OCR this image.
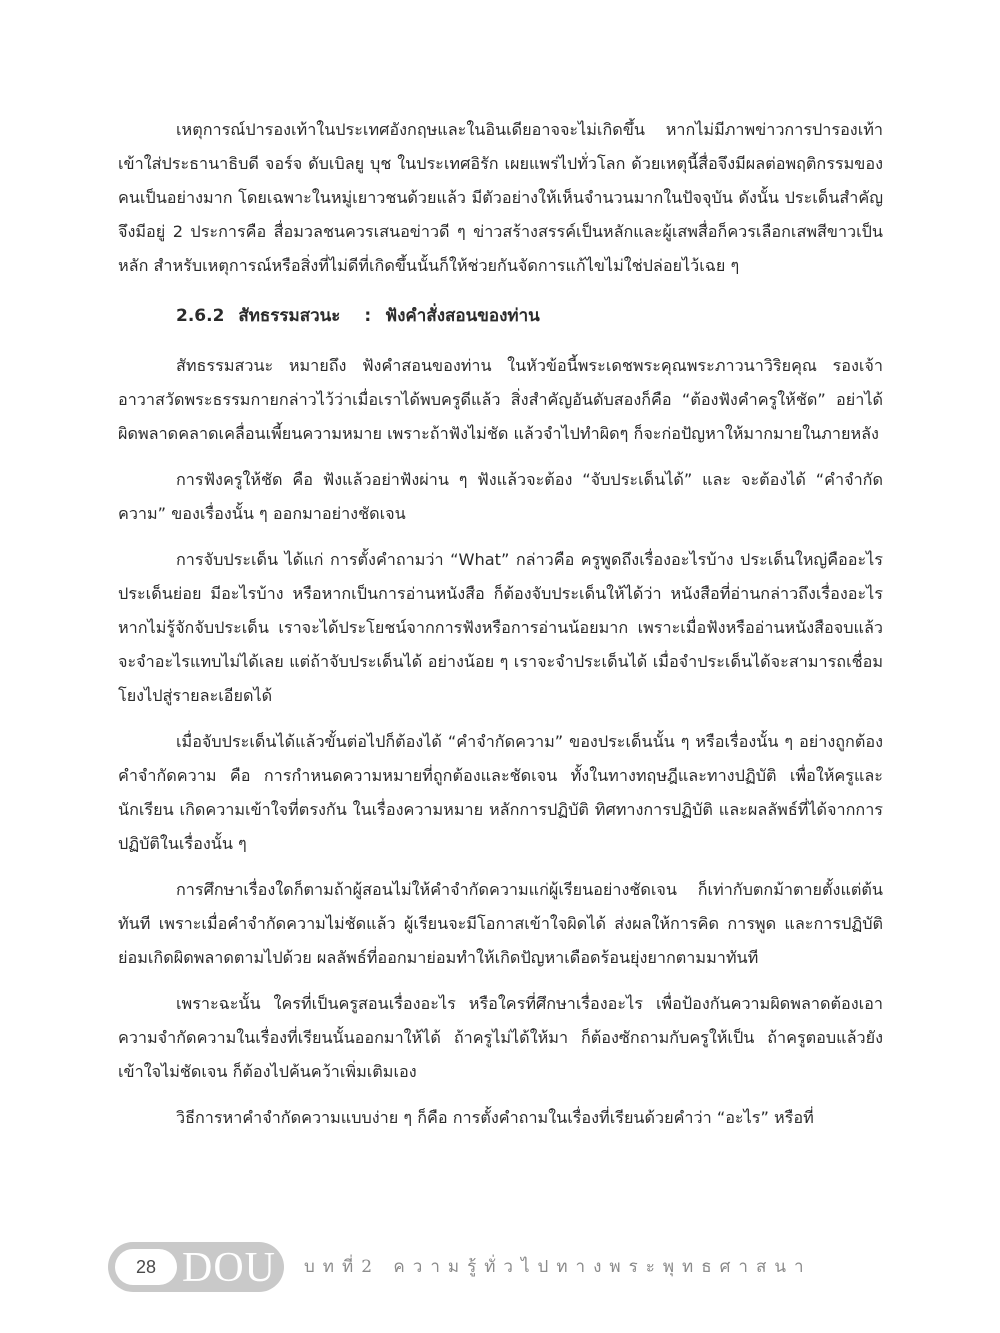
เหตุการณ์ปารองเท้าในประเทศอังกฤษและในอินเดียอาจจะไม่เกิดขึ้น หากไม่มีภาพข่าวการปารองเท้าเข้าใส่ประธานาธิบดี จอร์จ ดับเบิลยู บุช ในประเทศอิรัก เผยแพร่ไปทั่วโลก ด้วยเหตุนี้สื่อจึงมีผลต่อพฤติกรรมของคนเป็นอย่างมาก โดยเฉพาะในหมู่เยาวชนด้วยแล้ว มีตัวอย่างให้เห็นจำนวนมากในปัจจุบัน ดังนั้น ประเด็นสำคัญจึงมีอยู่ 2 ประการคือ สื่อมวลชนควรเสนอข่าวดี ๆ ข่าวสร้างสรรค์เป็นหลักและผู้เสพสื่อก็ควรเลือกเสพสีขาวเป็นหลัก สำหรับเหตุการณ์หรือสิ่งที่ไม่ดีที่เกิดขึ้นนั้นก็ให้ช่วยกันจัดการแก้ไขไม่ใช่ปล่อยไว้เฉย ๆ

2.6.2 สัทธรรมสวนะ : ฟังคำสั่งสอนของท่าน

สัทธรรมสวนะ หมายถึง ฟังคำสอนของท่าน ในหัวข้อนี้พระเดชพระคุณพระภาวนาวิริยคุณ รองเจ้าอาวาสวัดพระธรรมกายกล่าวไว้ว่าเมื่อเราได้พบครูดีแล้ว สิ่งสำคัญอันดับสองก็คือ “ต้องฟังคำครูให้ชัด” อย่าได้ผิดพลาดคลาดเคลื่อนเพี้ยนความหมาย เพราะถ้าฟังไม่ชัด แล้วจำไปทำผิดๆ ก็จะก่อปัญหาให้มากมายในภายหลัง

การฟังครูให้ชัด คือ ฟังแล้วอย่าฟังผ่าน ๆ ฟังแล้วจะต้อง “จับประเด็นได้” และ จะต้องได้ “คำจำกัดความ” ของเรื่องนั้น ๆ ออกมาอย่างชัดเจน

การจับประเด็น ได้แก่ การตั้งคำถามว่า “What” กล่าวคือ ครูพูดถึงเรื่องอะไรบ้าง ประเด็นใหญ่คืออะไร ประเด็นย่อย มีอะไรบ้าง หรือหากเป็นการอ่านหนังสือ ก็ต้องจับประเด็นให้ได้ว่า หนังสือที่อ่านกล่าวถึงเรื่องอะไร หากไม่รู้จักจับประเด็น เราจะได้ประโยชน์จากการฟังหรือการอ่านน้อยมาก เพราะเมื่อฟังหรืออ่านหนังสือจบแล้ว จะจำอะไรแทบไม่ได้เลย แต่ถ้าจับประเด็นได้ อย่างน้อย ๆ เราจะจำประเด็นได้ เมื่อจำประเด็นได้จะสามารถเชื่อมโยงไปสู่รายละเอียดได้

เมื่อจับประเด็นได้แล้วขั้นต่อไปก็ต้องได้ “คำจำกัดความ” ของประเด็นนั้น ๆ หรือเรื่องนั้น ๆ อย่างถูกต้อง คำจำกัดความ คือ การกำหนดความหมายที่ถูกต้องและชัดเจน ทั้งในทางทฤษฎีและทางปฏิบัติ เพื่อให้ครูและนักเรียน เกิดความเข้าใจที่ตรงกัน ในเรื่องความหมาย หลักการปฏิบัติ ทิศทางการปฏิบัติ และผลลัพธ์ที่ได้จากการปฏิบัติในเรื่องนั้น ๆ

การศึกษาเรื่องใดก็ตามถ้าผู้สอนไม่ให้คำจำกัดความแก่ผู้เรียนอย่างชัดเจน ก็เท่ากับตกม้าตายตั้งแต่ต้นทันที เพราะเมื่อคำจำกัดความไม่ชัดแล้ว ผู้เรียนจะมีโอกาสเข้าใจผิดได้ ส่งผลให้การคิด การพูด และการปฏิบัติย่อมเกิดผิดพลาดตามไปด้วย ผลลัพธ์ที่ออกมาย่อมทำให้เกิดปัญหาเดือดร้อนยุ่งยากตามมาทันที

เพราะฉะนั้น ใครที่เป็นครูสอนเรื่องอะไร หรือใครที่ศึกษาเรื่องอะไร เพื่อป้องกันความผิดพลาดต้องเอาความจำกัดความในเรื่องที่เรียนนั้นออกมาให้ได้ ถ้าครูไม่ได้ให้มา ก็ต้องซักถามกับครูให้เป็น ถ้าครูตอบแล้วยังเข้าใจไม่ชัดเจน ก็ต้องไปค้นคว้าเพิ่มเติมเอง

วิธีการหาคำจำกัดความแบบง่าย ๆ ก็คือ การตั้งคำถามในเรื่องที่เรียนด้วยคำว่า “อะไร” หรือที่

28 DOU บทที่2 ความรู้ทั่วไปทางพระพุทธศาสนา
